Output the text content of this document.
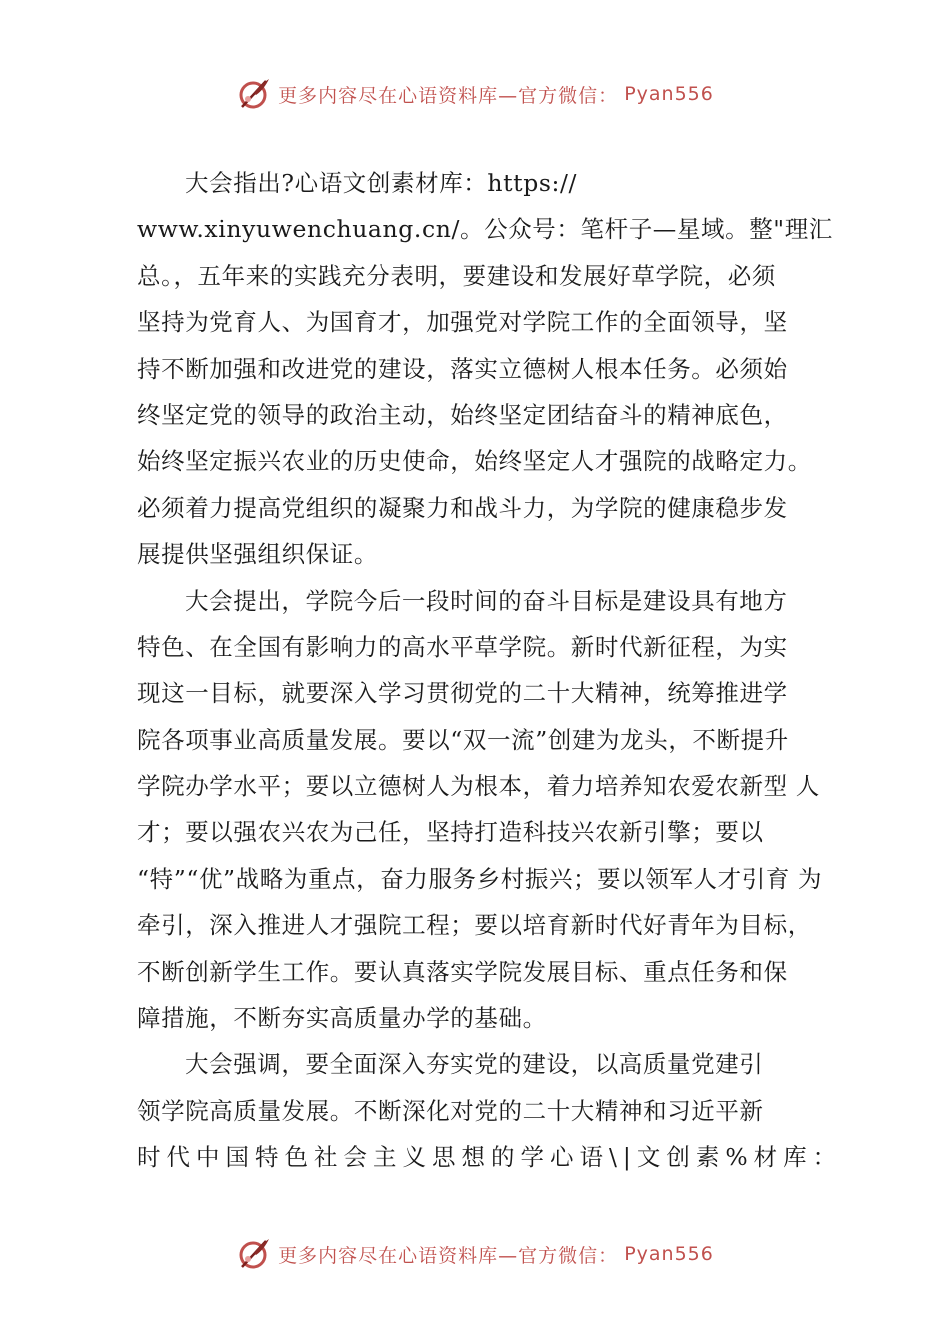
更多内容尽在心语资料库— 官方微信： Pyan556
大会指出?心语文创素材库：https://
www.xinyuwenchuang.cn/。公众号：笔杆子—星域。整"理汇
总。，五年来的实践充分表明，要建设和发展好草学院，必须
坚持为党育人、为国育才，加强党对学院工作的全面领导，坚
持不断加强和改进党的建设，落实立德树人根本任务。必须始
终坚定党的领导的政治主动，始终坚定团结奋斗的精神底色，
始终坚定振兴农业的历史使命，始终坚定人才强院的战略定力。
必须着力提高党组织的凝聚力和战斗力，为学院的健康稳步发
展提供坚强组织保证。
大会提出，学院今后一段时间的奋斗目标是建设具有地方
特色、在全国有影响力的高水平草学院。新时代新征程，为实
现这一目标，就要深入学习贯彻党的二十大精神，统筹推进学
院各项事业高质量发展。要以“双一流”创建为龙头，不断提升
学院办学水平；要以立德树人为根本，着力培养知农爱农新型 人
才；要以强农兴农为己任，坚持打造科技兴农新引擎；要以
“特”“优”战略为重点，奋力服务乡村振兴；要以领军人才引育 为
牵引，深入推进人才强院工程；要以培育新时代好青年为目标，
不断创新学生工作。要认真落实学院发展目标、重点任务和保
障措施，不断夯实高质量办学的基础。
大会强调，要全面深入夯实党的建设，以高质量党建引
领学院高质量发展。不断深化对党的二十大精神和习近平新
时代中国特色社会主义思想的学心语\|文创素%材库：
更多内容尽在心语资料库— 官方微信： Pyan556
